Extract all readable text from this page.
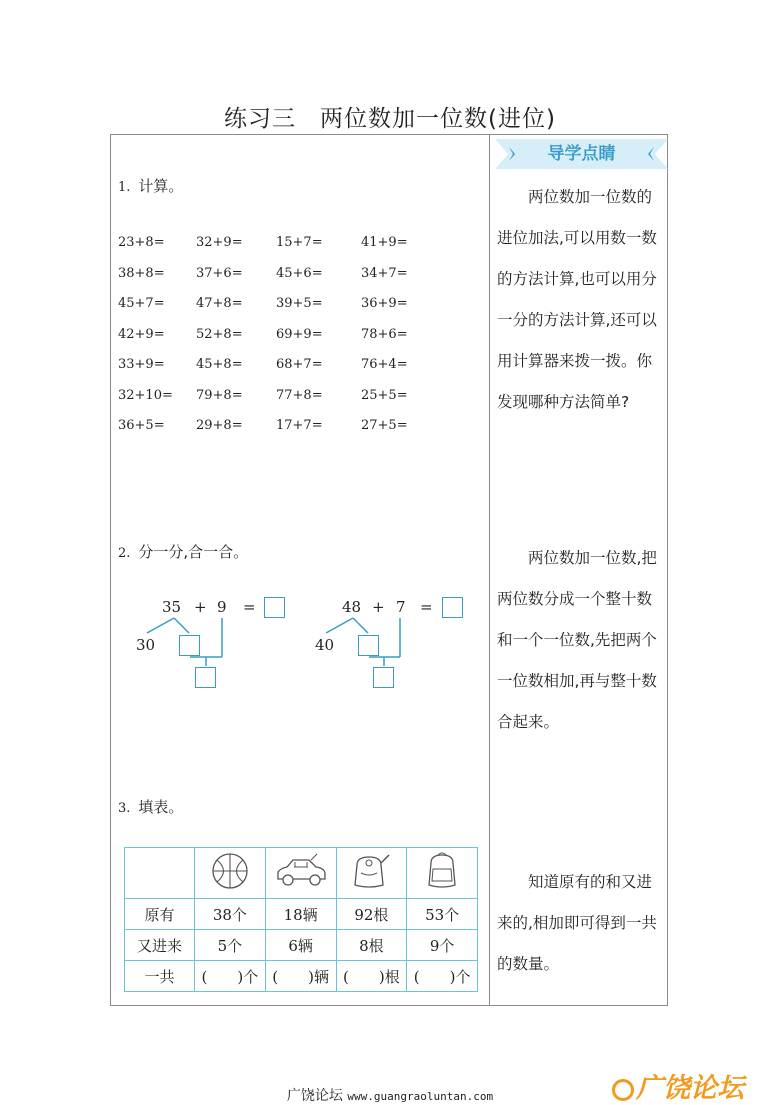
练习三　两位数加一位数(进位)
导学点睛
1. 计算。
23+8= 32+9=	15+7=	41+9=
38+8= 37+6=	45+6=	34+7=
45+7= 47+8=	39+5=	36+9=
42+9= 52+8=	69+9=	78+6=
33+9= 45+8=	68+7=	76+4=
32+10= 79+8=	77+8=	25+5=
36+5= 29+8=	17+7=	27+5=
2. 分一分,合一合。
35 + 9 =
30
48 + 7 =
40
3. 填表。

原有	38个	18辆	92根	53个
又进来	5个	6辆	8根	9个
一共	(　　)个	(　　)辆	(　　)根	(　　)个

　　两位数加一位数的

进位加法,可以用数一数

的方法计算,也可以用分

一分的方法计算,还可以

用计算器来拨一拨。你

发现哪种方法简单?

　　两位数加一位数,把

两位数分成一个整十数

和一个一位数,先把两个

一位数相加,再与整十数

合起来。

　　知道原有的和又进

来的,相加即可得到一共

的数量。

广饶论坛 www.guangraoluntan.com	广饶论坛
